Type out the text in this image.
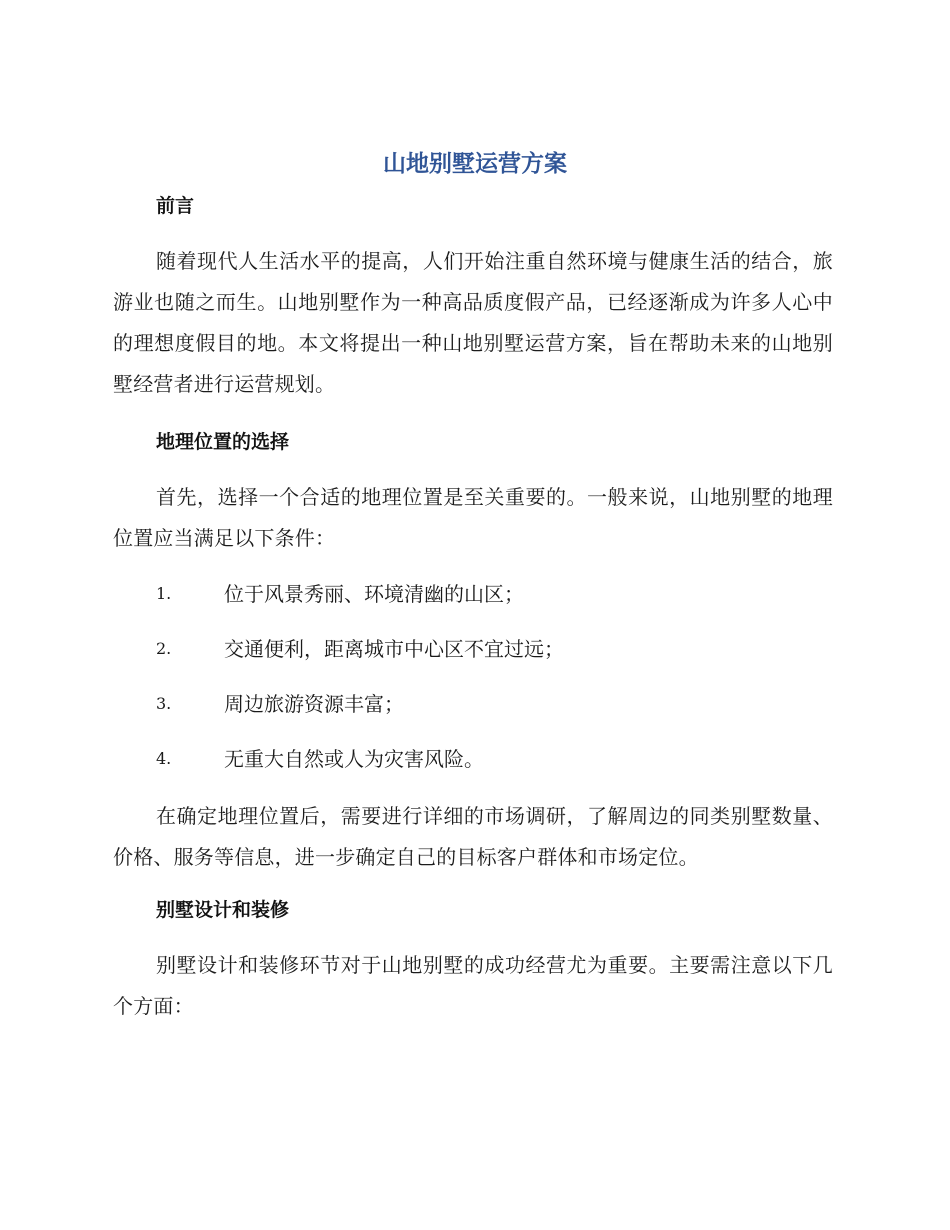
山地别墅运营方案
前言
随着现代人生活水平的提高，人们开始注重自然环境与健康生活的结合，旅游业也随之而生。山地别墅作为一种高品质度假产品，已经逐渐成为许多人心中的理想度假目的地。本文将提出一种山地别墅运营方案，旨在帮助未来的山地别墅经营者进行运营规划。
地理位置的选择
首先，选择一个合适的地理位置是至关重要的。一般来说，山地别墅的地理位置应当满足以下条件：
1.	位于风景秀丽、环境清幽的山区；
2.	交通便利，距离城市中心区不宜过远；
3.	周边旅游资源丰富；
4.	无重大自然或人为灾害风险。
在确定地理位置后，需要进行详细的市场调研，了解周边的同类别墅数量、价格、服务等信息，进一步确定自己的目标客户群体和市场定位。
别墅设计和装修
别墅设计和装修环节对于山地别墅的成功经营尤为重要。主要需注意以下几个方面：
